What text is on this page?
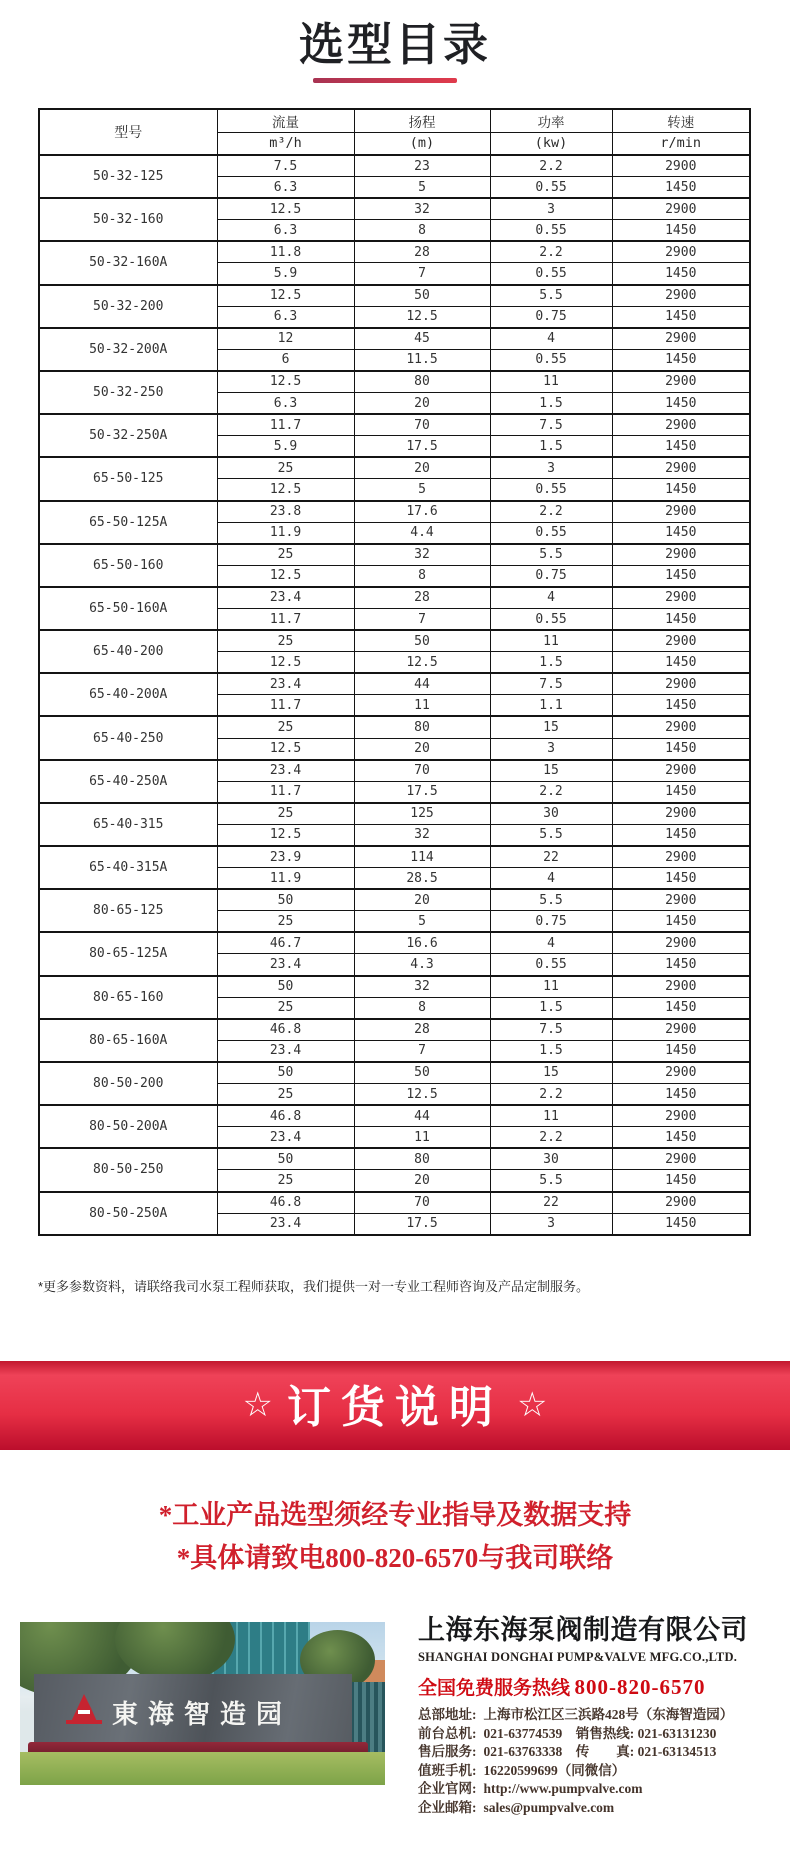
选型目录
型号	流量	扬程	功率	转速
	m³/h	(m)	(kw)	r/min
50-32-125	7.5	23	2.2	2900
	6.3	5	0.55	1450
50-32-160	12.5	32	3	2900
	6.3	8	0.55	1450
50-32-160A	11.8	28	2.2	2900
	5.9	7	0.55	1450
50-32-200	12.5	50	5.5	2900
	6.3	12.5	0.75	1450
50-32-200A	12	45	4	2900
	6	11.5	0.55	1450
50-32-250	12.5	80	11	2900
	6.3	20	1.5	1450
50-32-250A	11.7	70	7.5	2900
	5.9	17.5	1.5	1450
65-50-125	25	20	3	2900
	12.5	5	0.55	1450
65-50-125A	23.8	17.6	2.2	2900
	11.9	4.4	0.55	1450
65-50-160	25	32	5.5	2900
	12.5	8	0.75	1450
65-50-160A	23.4	28	4	2900
	11.7	7	0.55	1450
65-40-200	25	50	11	2900
	12.5	12.5	1.5	1450
65-40-200A	23.4	44	7.5	2900
	11.7	11	1.1	1450
65-40-250	25	80	15	2900
	12.5	20	3	1450
65-40-250A	23.4	70	15	2900
	11.7	17.5	2.2	1450
65-40-315	25	125	30	2900
	12.5	32	5.5	1450
65-40-315A	23.9	114	22	2900
	11.9	28.5	4	1450
80-65-125	50	20	5.5	2900
	25	5	0.75	1450
80-65-125A	46.7	16.6	4	2900
	23.4	4.3	0.55	1450
80-65-160	50	32	11	2900
	25	8	1.5	1450
80-65-160A	46.8	28	7.5	2900
	23.4	7	1.5	1450
80-50-200	50	50	15	2900
	25	12.5	2.2	1450
80-50-200A	46.8	44	11	2900
	23.4	11	2.2	1450
80-50-250	50	80	30	2900
	25	20	5.5	1450
80-50-250A	46.8	70	22	2900
	23.4	17.5	3	1450
*更多参数资料，请联络我司水泵工程师获取，我们提供一对一专业工程师咨询及产品定制服务。
☆ 订货说明 ☆
*工业产品选型须经专业指导及数据支持
*具体请致电800-820-6570与我司联络
東海智造园
上海东海泵阀制造有限公司
SHANGHAI DONGHAI PUMP&VALVE MFG.CO.,LTD.
全国免费服务热线 800-820-6570
总部地址: 上海市松江区三浜路428号（东海智造园）
前台总机: 021-63774539　销售热线: 021-63131230
售后服务: 021-63763338　传　　真: 021-63134513
值班手机: 16220599699（同微信）
企业官网: http://www.pumpvalve.com
企业邮箱: sales@pumpvalve.com
